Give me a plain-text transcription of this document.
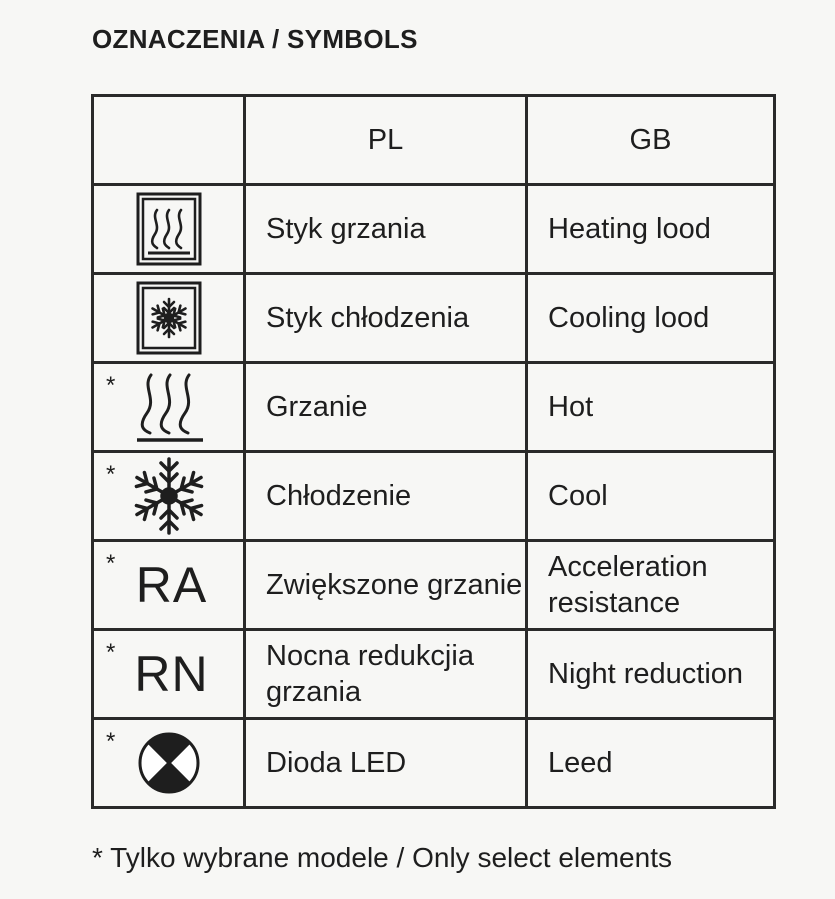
OZNACZENIA / SYMBOLS
	PL	GB

	Styk grzania	Heating lood

	Styk chłodzenia	Cooling lood

*	Grzanie	Hot

*	Chłodzenie	Cool

* RA	Zwiększone grzanie	Acceleration resistance

* RN	Nocna redukcjia grzania	Night reduction

*	Dioda LED	Leed
* Tylko wybrane modele / Only select elements
